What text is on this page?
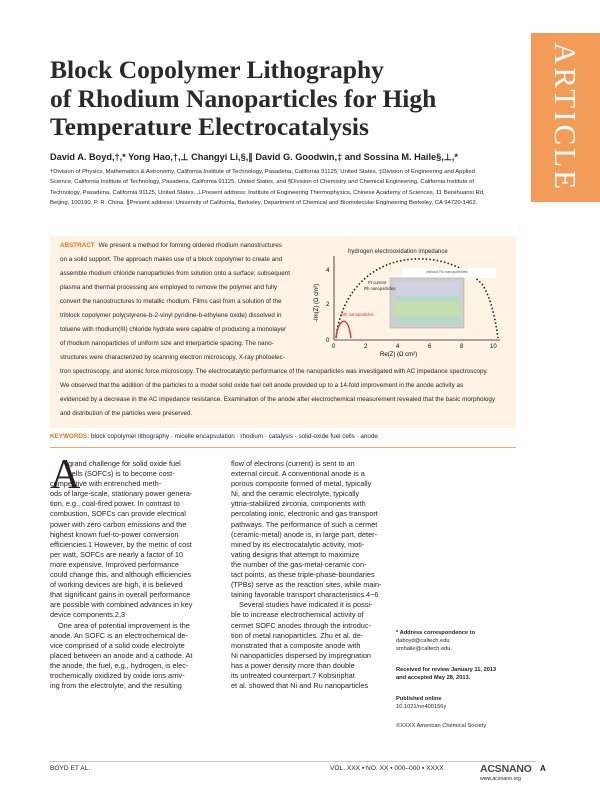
ARTICLE
Block Copolymer Lithography
of Rhodium Nanoparticles for High
Temperature Electrocatalysis
David A. Boyd,†,* Yong Hao,†,⊥ Changyi Li,§,∥ David G. Goodwin,‡ and Sossina M. Haile§,⊥,*
†Division of Physics, Mathematics & Astronomy, California Institute of Technology, Pasadena, California 91125, United States, ‡Division of Engineering and Applied
Science, California Institute of Technology, Pasadena, California 91125, United States, and §Division of Chemistry and Chemical Engineering, California Institute of
Technology, Pasadena, California 91125, United States. ⊥Present address: Institute of Engineering Thermophysics, Chinese Academy of Sciences, 11 Beisihuanxi Rd,
Beijing, 100190, P. R. China. ∥Present address: University of California, Berkeley, Department of Chemical and Biomolecular Engineering Berkeley, CA 94720-1462.
ABSTRACT We present a method for forming ordered rhodium nanostructures
on a solid support. The approach makes use of a block copolymer to create and
assemble rhodium chloride nanoparticles from solution onto a surface; subsequent
plasma and thermal processing are employed to remove the polymer and fully
convert the nanostructures to metallic rhodium. Films cast from a solution of the
triblock copolymer poly(styrene-b-2-vinyl pyridine-b-ethylene oxide) dissolved in
toluene with rhodium(III) chloride hydrate were capable of producing a monolayer
of rhodium nanoparticles of uniform size and interparticle spacing. The nano-
structures were characterized by scanning electron microscopy, X-ray photoelec-
tron spectroscopy, and atomic force microscopy. The electrocatalytic performance of the nanoparticles was investigated with AC impedance spectroscopy.
We observed that the addition of the particles to a model solid oxide fuel cell anode provided up to a 14-fold improvement in the anode activity as
evidenced by a decrease in the AC impedance resistance. Examination of the anode after electrochemical measurement revealed that the basic morphology
and distribution of the particles were preserved.
hydrogen electrooxidation impedance
0
2
4
0	2	4	6	8	10
Re(Z) (Ω cm²)
-Im(Z) (Ω cm²)
without Rh nanoparticles
Pt current
Rh nanoparticles
with nanoparticles
KEYWORDS: block copolymer lithography · micelle encapsulation · rhodium · catalysis · solid-oxide fuel cells · anode
A
grand challenge for solid oxide fuel
cells (SOFCs) is to become cost-
competitive with entrenched meth-
ods of large-scale, stationary power genera-
tion, e.g., coal-fired power. In contrast to
combustion, SOFCs can provide electrical
power with zero carbon emissions and the
highest known fuel-to-power conversion
efficiencies.1 However, by the metric of cost
per watt, SOFCs are nearly a factor of 10
more expensive. Improved performance
could change this, and although efficiencies
of working devices are high, it is believed
that significant gains in overall performance
are possible with combined advances in key
device components.2,3
One area of potential improvement is the
anode. An SOFC is an electrochemical de-
vice comprised of a solid oxide electrolyte
placed between an anode and a cathode. At
the anode, the fuel, e.g., hydrogen, is elec-
trochemically oxidized by oxide ions arriv-
ing from the electrolyte, and the resulting
flow of electrons (current) is sent to an
external circuit. A conventional anode is a
porous composite formed of metal, typically
Ni, and the ceramic electrolyte, typically
yttria-stabilized zirconia, components with
percolating ionic, electronic and gas transport
pathways. The performance of such a cermet
(ceramic-metal) anode is, in large part, deter-
mined by its electrocatalytic activity, moti-
vating designs that attempt to maximize
the number of the gas-metal-ceramic con-
tact points, as these triple-phase-boundaries
(TPBs) serve as the reaction sites, while main-
taining favorable transport characteristics.4−6
Several studies have indicated it is possi-
ble to increase electrochemical activity of
cermet SOFC anodes through the introduc-
tion of metal nanoparticles. Zhu et al. de-
monstrated that a composite anode with
Ni nanoparticles dispersed by impregnation
has a power density more than double
its untreated counterpart.7 Kobsiriphat
et al. showed that Ni and Ru nanoparticles
* Address correspondence to
daboyd@caltech.edu
smhaile@caltech.edu.
Received for review January 11, 2013
and accepted May 28, 2013.
Published online
10.1021/nn400156y
©XXXX American Chemical Society
BOYD ET AL.	VOL. XXX ▪ NO. XX ▪ 000–000 ▪ XXXX	ACSNANO
www.acsnano.org
A
